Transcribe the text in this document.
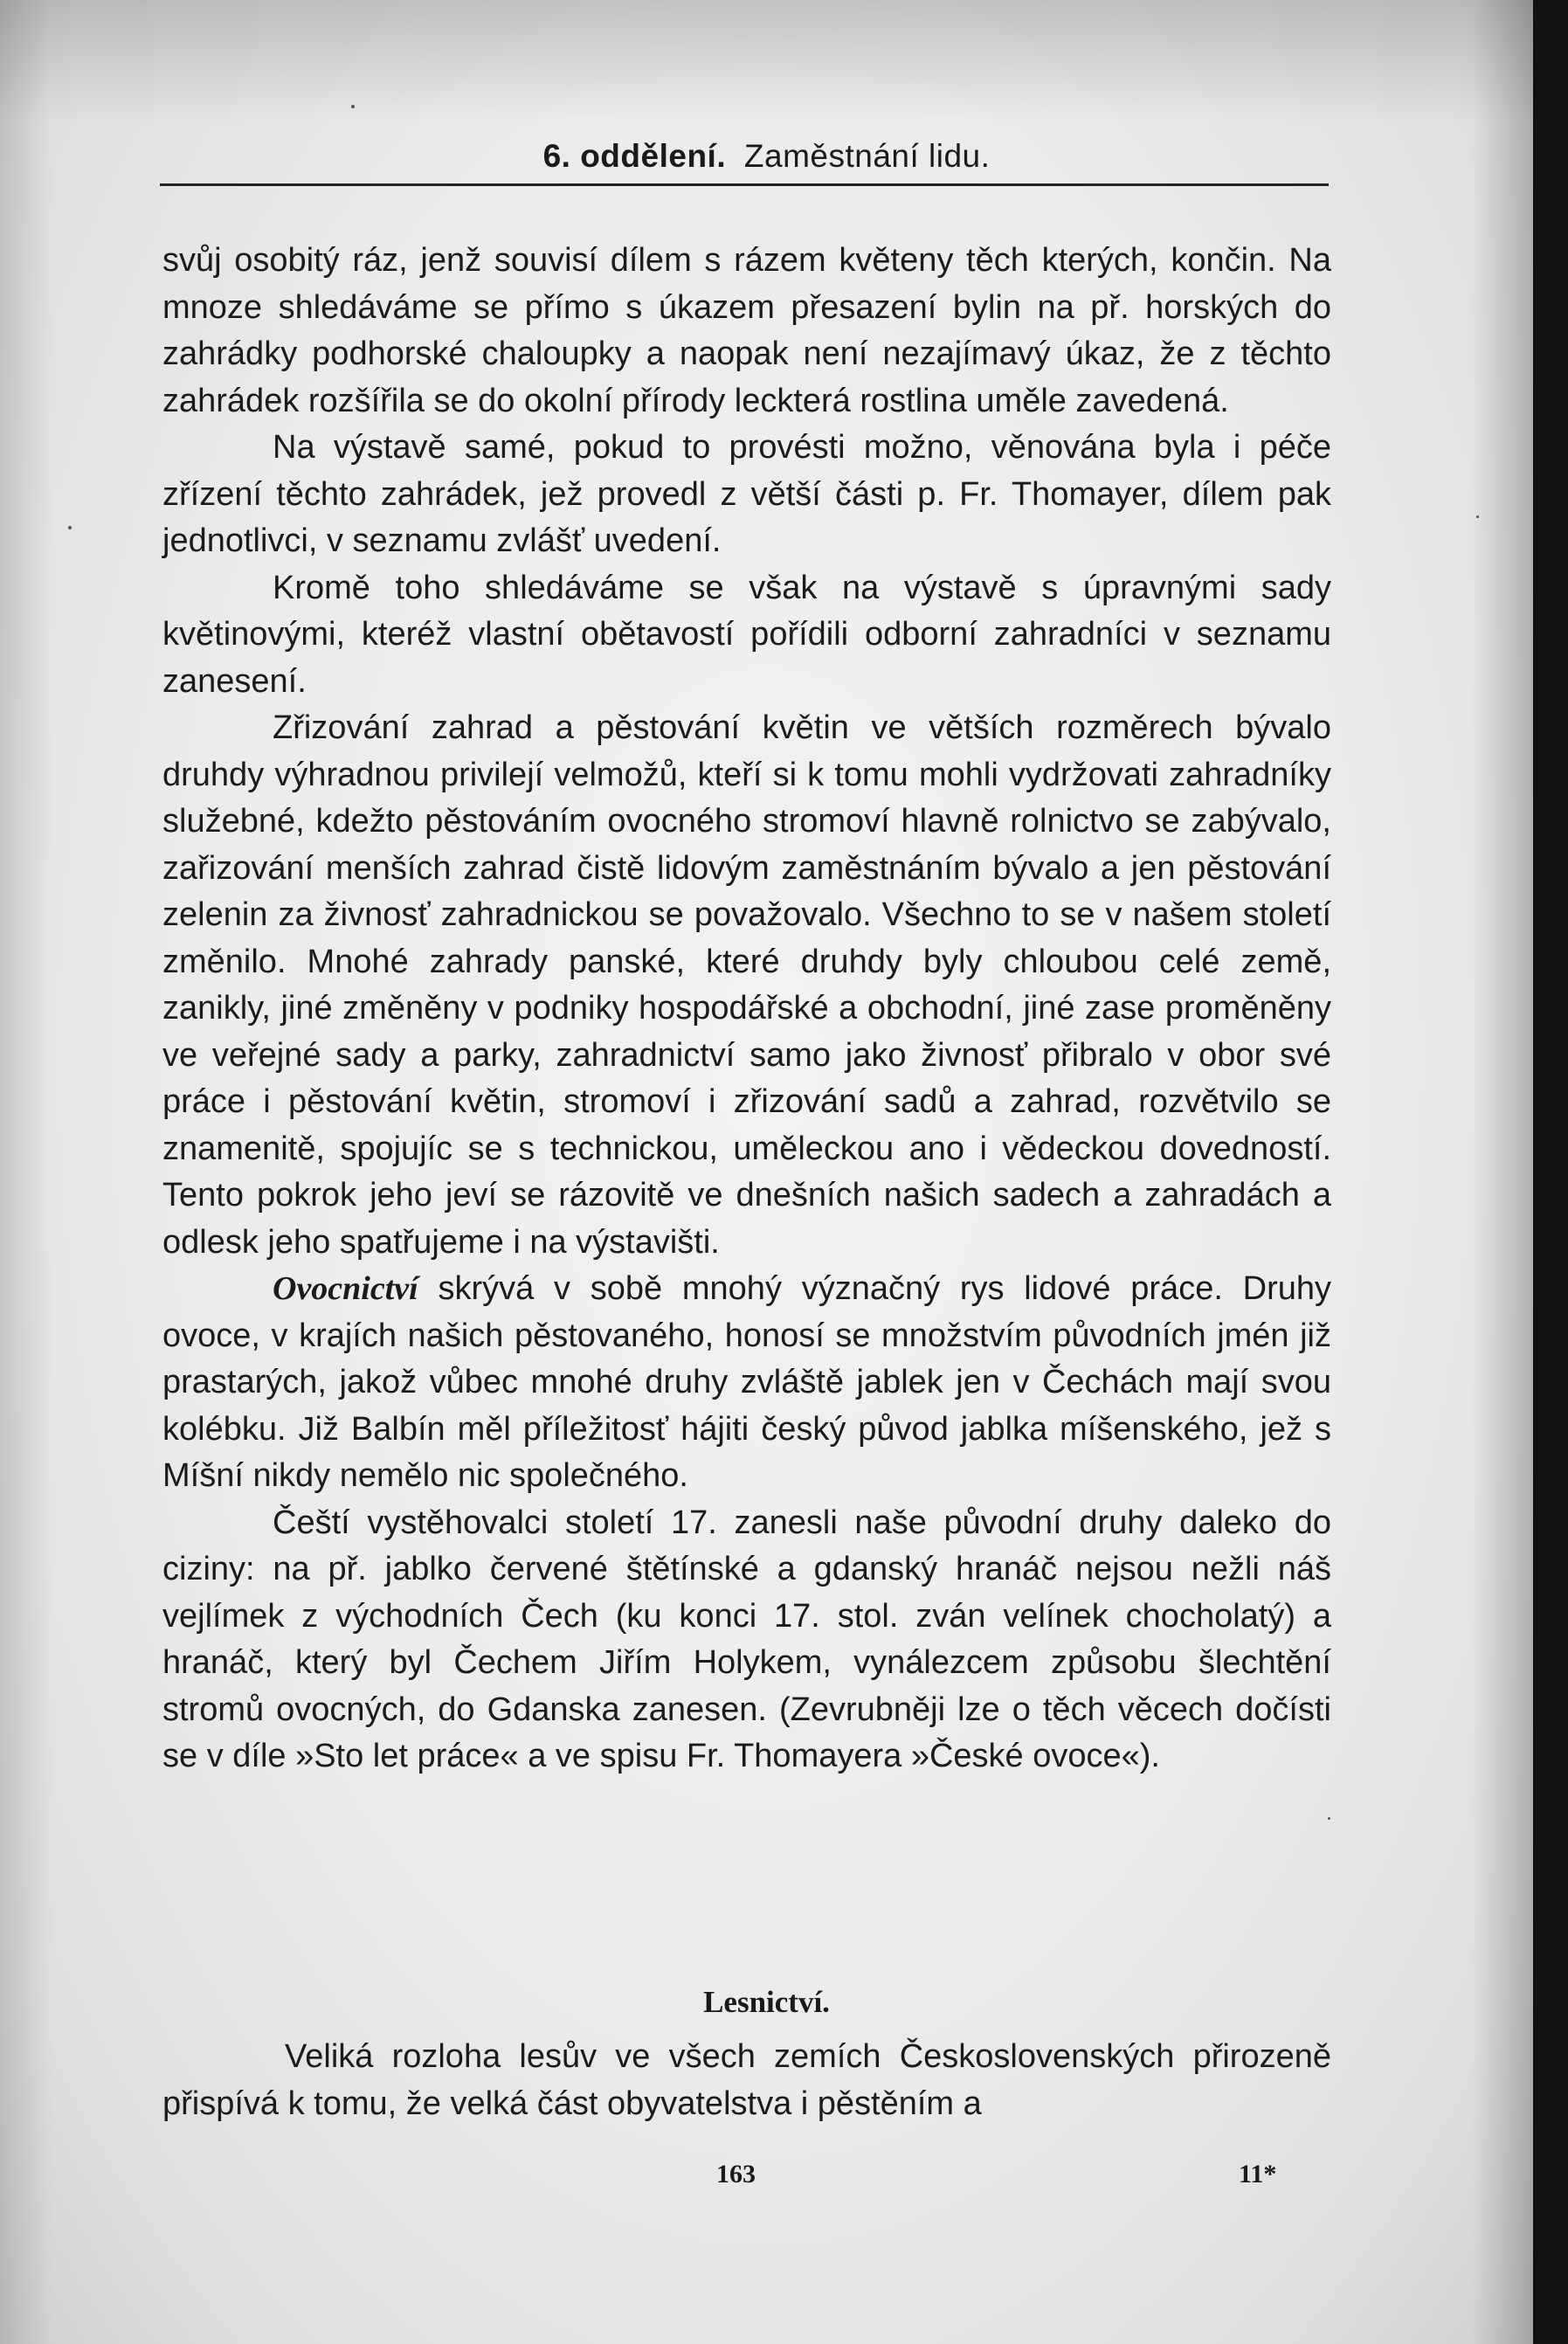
6. oddělení. Zaměstnání lidu.

svůj osobitý ráz, jenž souvisí dílem s rázem květeny těch kterých, končin. Na mnoze shledáváme se přímo s úkazem přesazení bylin na př. horských do zahrádky podhorské chaloupky a naopak není nezajímavý úkaz, že z těchto zahrádek rozšířila se do okolní přírody leckterá rostlina uměle zavedená.

Na výstavě samé, pokud to provésti možno, věnována byla i péče zřízení těchto zahrádek, jež provedl z větší části p. Fr. Thomayer, dílem pak jednotlivci, v seznamu zvlášť uvedení.

Kromě toho shledáváme se však na výstavě s úpravnými sady květinovými, kteréž vlastní obětavostí pořídili odborní zahradníci v seznamu zanesení.

Zřizování zahrad a pěstování květin ve větších rozměrech bývalo druhdy výhradnou privilejí velmožů, kteří si k tomu mohli vydržovati zahradníky služebné, kdežto pěstováním ovocného stromoví hlavně rolnictvo se zabývalo, zařizování menších zahrad čistě lidovým zaměstnáním bývalo a jen pěstování zelenin za živnosť zahradnickou se považovalo. Všechno to se v našem století změnilo. Mnohé zahrady panské, které druhdy byly chloubou celé země, zanikly, jiné změněny v podniky hospodářské a obchodní, jiné zase proměněny ve veřejné sady a parky, zahradnictví samo jako živnosť přibralo v obor své práce i pěstování květin, stromoví i zřizování sadů a zahrad, rozvětvilo se znamenitě, spojujíc se s technickou, uměleckou ano i vědeckou dovedností. Tento pokrok jeho jeví se rázovitě ve dnešních našich sadech a zahradách a odlesk jeho spatřujeme i na výstavišti.

Ovocnictví skrývá v sobě mnohý význačný rys lidové práce. Druhy ovoce, v krajích našich pěstovaného, honosí se množstvím původních jmén již prastarých, jakož vůbec mnohé druhy zvláště jablek jen v Čechách mají svou kolébku. Již Balbín měl příležitosť hájiti český původ jablka míšenského, jež s Míšní nikdy nemělo nic společného.

Čeští vystěhovalci století 17. zanesli naše původní druhy daleko do ciziny: na př. jablko červené štětínské a gdanský hranáč nejsou nežli náš vejlímek z východních Čech (ku konci 17. stol. zván velínek chocholatý) a hranáč, který byl Čechem Jiřím Holykem, vynálezcem způsobu šlechtění stromů ovocných, do Gdanska zanesen. (Zevrubněji lze o těch věcech dočísti se v díle »Sto let práce« a ve spisu Fr. Thomayera »České ovoce«).

Lesnictví.

Veliká rozloha lesův ve všech zemích Československých přirozeně přispívá k tomu, že velká část obyvatelstva i pěstěním a

163	11*
